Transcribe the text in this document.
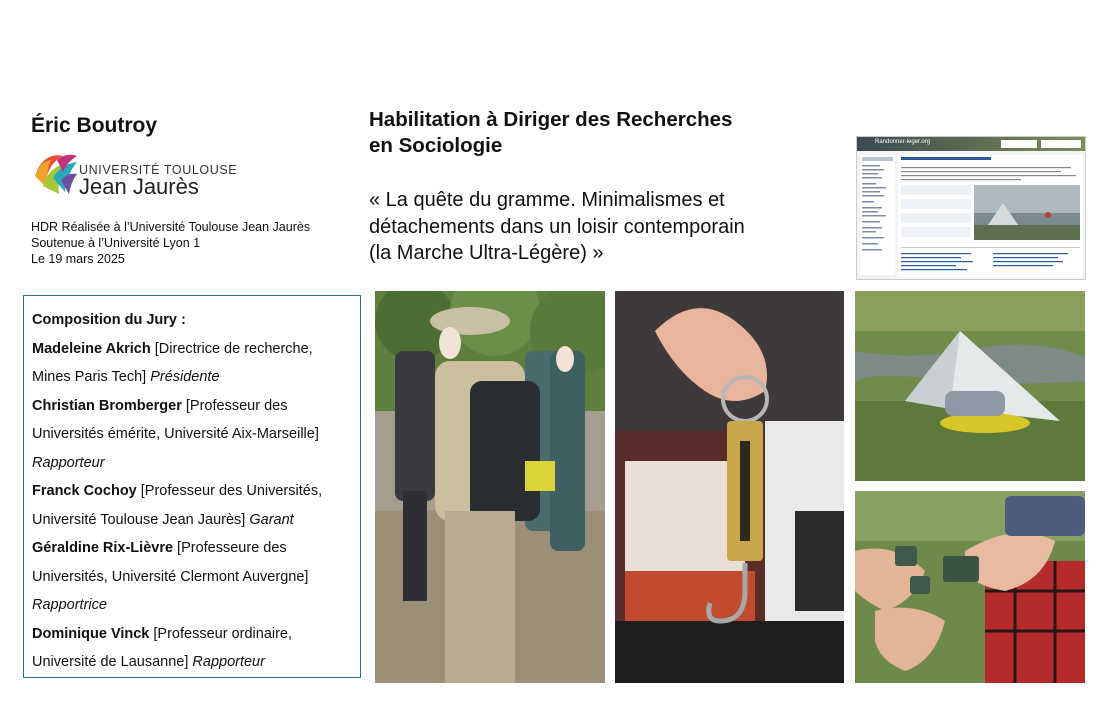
Éric Boutroy
UNIVERSITÉ TOULOUSE
Jean Jaurès
HDR Réalisée à l’Université Toulouse Jean Jaurès
Soutenue à l’Université Lyon 1
Le 19 mars 2025

Composition du Jury :

Madeleine Akrich [Directrice de recherche, Mines Paris Tech] Présidente

Christian Bromberger [Professeur des Universités émérite, Université Aix-Marseille] Rapporteur

Franck Cochoy [Professeur des Universités, Université Toulouse Jean Jaurès] Garant

Géraldine Rix-Lièvre [Professeure des Universités, Université Clermont Auvergne] Rapportrice

Dominique Vinck [Professeur ordinaire, Université de Lausanne] Rapporteur

Habilitation à Diriger des Recherches
en Sociologie
« La quête du gramme. Minimalismes et
détachements dans un loisir contemporain
(la Marche Ultra-Légère) »
Randonner-leger.org
